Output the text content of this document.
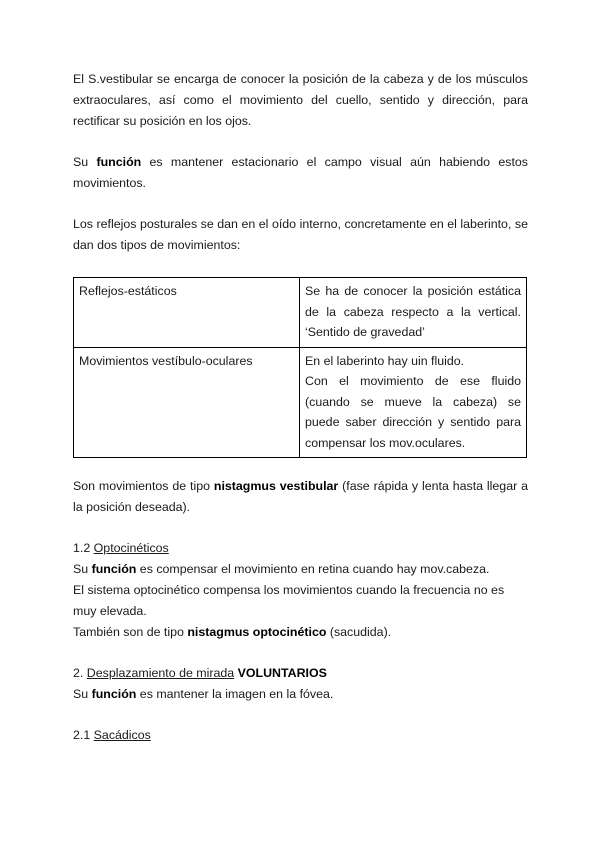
El S.vestibular se encarga de conocer la posición de la cabeza y de los músculos extraoculares, así como el movimiento del cuello, sentido y dirección, para rectificar su posición en los ojos.

Su función es mantener estacionario el campo visual aún habiendo estos movimientos.

Los reflejos posturales se dan en el oído interno, concretamente en el laberinto, se dan dos tipos de movimientos:

Reflejos-estáticos	Se ha de conocer la posición estática de la cabeza respecto a la vertical. ‘Sentido de gravedad’

Movimientos vestíbulo-oculares	En el laberinto hay uin fluido.
Con el movimiento de ese fluido (cuando se mueve la cabeza) se puede saber dirección y sentido para compensar los mov.oculares.

Son movimientos de tipo nistagmus vestibular (fase rápida y lenta hasta llegar a la posición deseada).

1.2 Optocinéticos

Su función es compensar el movimiento en retina cuando hay mov.cabeza.

El sistema optocinético compensa los movimientos cuando la frecuencia no es muy elevada.

También son de tipo nistagmus optocinético (sacudida).

2. Desplazamiento de mirada VOLUNTARIOS

Su función es mantener la imagen en la fóvea.

2.1 Sacádicos
